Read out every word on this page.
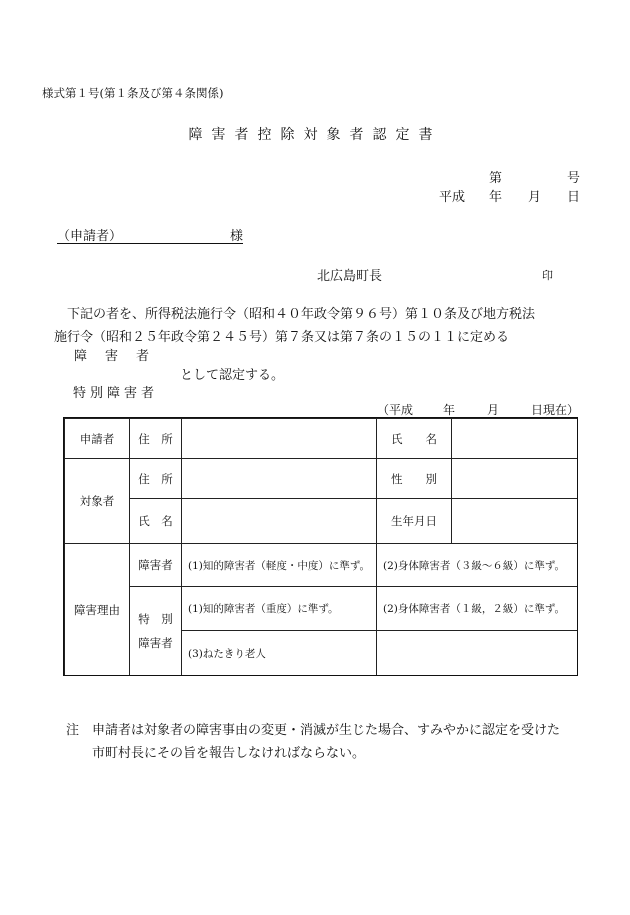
様式第１号(第１条及び第４条関係)
障害者控除対象者認定書
第	号
平成 年 月 日
（申請者）	様
北広島町長	印
下記の者を、所得税法施行令（昭和４０年政令第９６号）第１０条及び地方税法
施行令（昭和２５年政令第２４５号）第７条又は第７条の１５の１１に定める
障害者
として認定する。
特別障害者
（平成 年	月	日現在）
申請者	住　所		氏　　名	
対象者	住　所		性　　別	
	氏　名		生年月日	
障害理由	障害者	(1)知的障害者（軽度・中度）に準ず。	(2)身体障害者（３級～６級）に準ず。	

	特　別
障害者	(1)知的障害者（重度）に準ず。	(2)身体障害者（１級，２級）に準ず。	
		(3)ねたきり老人		
注　申請者は対象者の障害事由の変更・消滅が生じた場合、すみやかに認定を受けた
市町村長にその旨を報告しなければならない。
